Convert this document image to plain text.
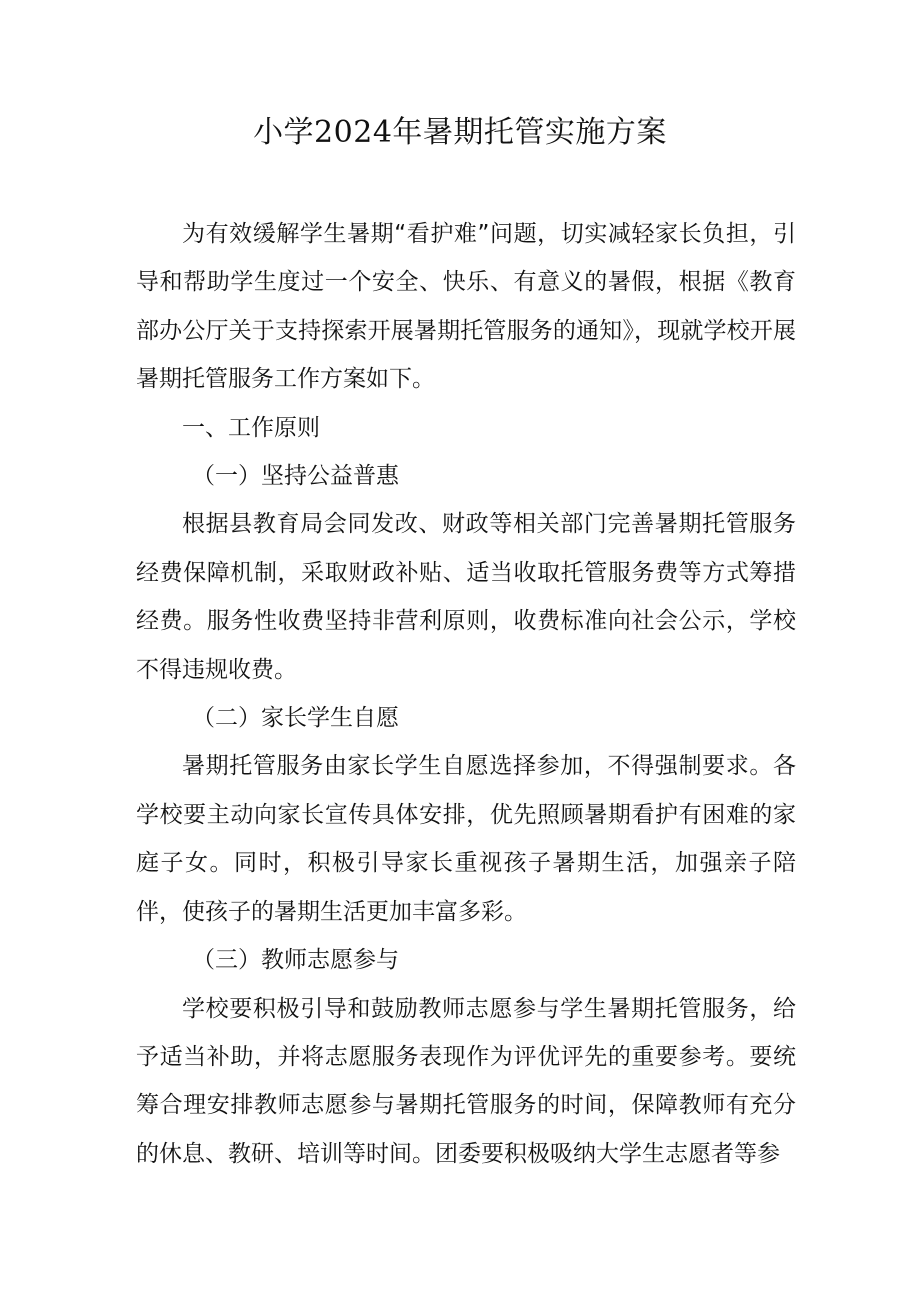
小学2024年暑期托管实施方案

为有效缓解学生暑期“看护难”问题，切实减轻家长负担，引导和帮助学生度过一个安全、快乐、有意义的暑假，根据《教育部办公厅关于支持探索开展暑期托管服务的通知》，现就学校开展暑期托管服务工作方案如下。

一、工作原则

（一）坚持公益普惠

根据县教育局会同发改、财政等相关部门完善暑期托管服务经费保障机制，采取财政补贴、适当收取托管服务费等方式筹措经费。服务性收费坚持非营利原则，收费标准向社会公示，学校不得违规收费。

（二）家长学生自愿

暑期托管服务由家长学生自愿选择参加，不得强制要求。各学校要主动向家长宣传具体安排，优先照顾暑期看护有困难的家庭子女。同时，积极引导家长重视孩子暑期生活，加强亲子陪伴，使孩子的暑期生活更加丰富多彩。

（三）教师志愿参与

学校要积极引导和鼓励教师志愿参与学生暑期托管服务，给予适当补助，并将志愿服务表现作为评优评先的重要参考。要统筹合理安排教师志愿参与暑期托管服务的时间，保障教师有充分的休息、教研、培训等时间。团委要积极吸纳大学生志愿者等参
